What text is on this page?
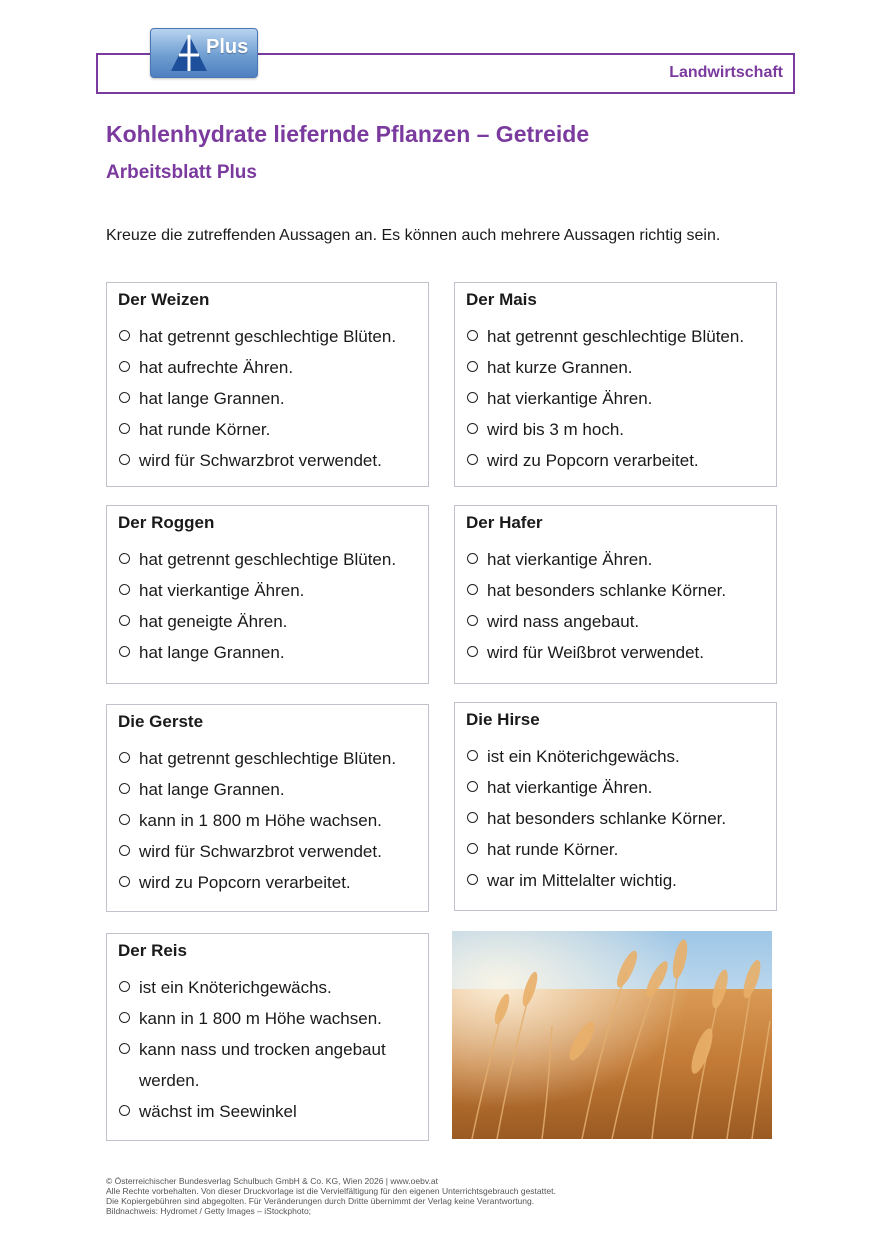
Landwirtschaft
Plus
Kohlenhydrate liefernde Pflanzen – Getreide
Arbeitsblatt Plus

Kreuze die zutreffenden Aussagen an. Es können auch mehrere Aussagen richtig sein.

Der Weizen
hat getrennt geschlechtige Blüten.
hat aufrechte Ähren.
hat lange Grannen.
hat runde Körner.
wird für Schwarzbrot verwendet.
Der Mais
hat getrennt geschlechtige Blüten.
hat kurze Grannen.
hat vierkantige Ähren.
wird bis 3 m hoch.
wird zu Popcorn verarbeitet.
Der Roggen
hat getrennt geschlechtige Blüten.
hat vierkantige Ähren.
hat geneigte Ähren.
hat lange Grannen.
Der Hafer
hat vierkantige Ähren.
hat besonders schlanke Körner.
wird nass angebaut.
wird für Weißbrot verwendet.
Die Gerste
hat getrennt geschlechtige Blüten.
hat lange Grannen.
kann in 1 800 m Höhe wachsen.
wird für Schwarzbrot verwendet.
wird zu Popcorn verarbeitet.
Die Hirse
ist ein Knöterichgewächs.
hat vierkantige Ähren.
hat besonders schlanke Körner.
hat runde Körner.
war im Mittelalter wichtig.
Der Reis
ist ein Knöterichgewächs.
kann in 1 800 m Höhe wachsen.
kann nass und trocken angebaut
werden.
wächst im Seewinkel
© Österreichischer Bundesverlag Schulbuch GmbH & Co. KG, Wien 2026 | www.oebv.at
Alle Rechte vorbehalten. Von dieser Druckvorlage ist die Vervielfältigung für den eigenen Unterrichtsgebrauch gestattet.
Die Kopiergebühren sind abgegolten. Für Veränderungen durch Dritte übernimmt der Verlag keine Verantwortung.
Bildnachweis: Hydromet / Getty Images – iStockphoto;
